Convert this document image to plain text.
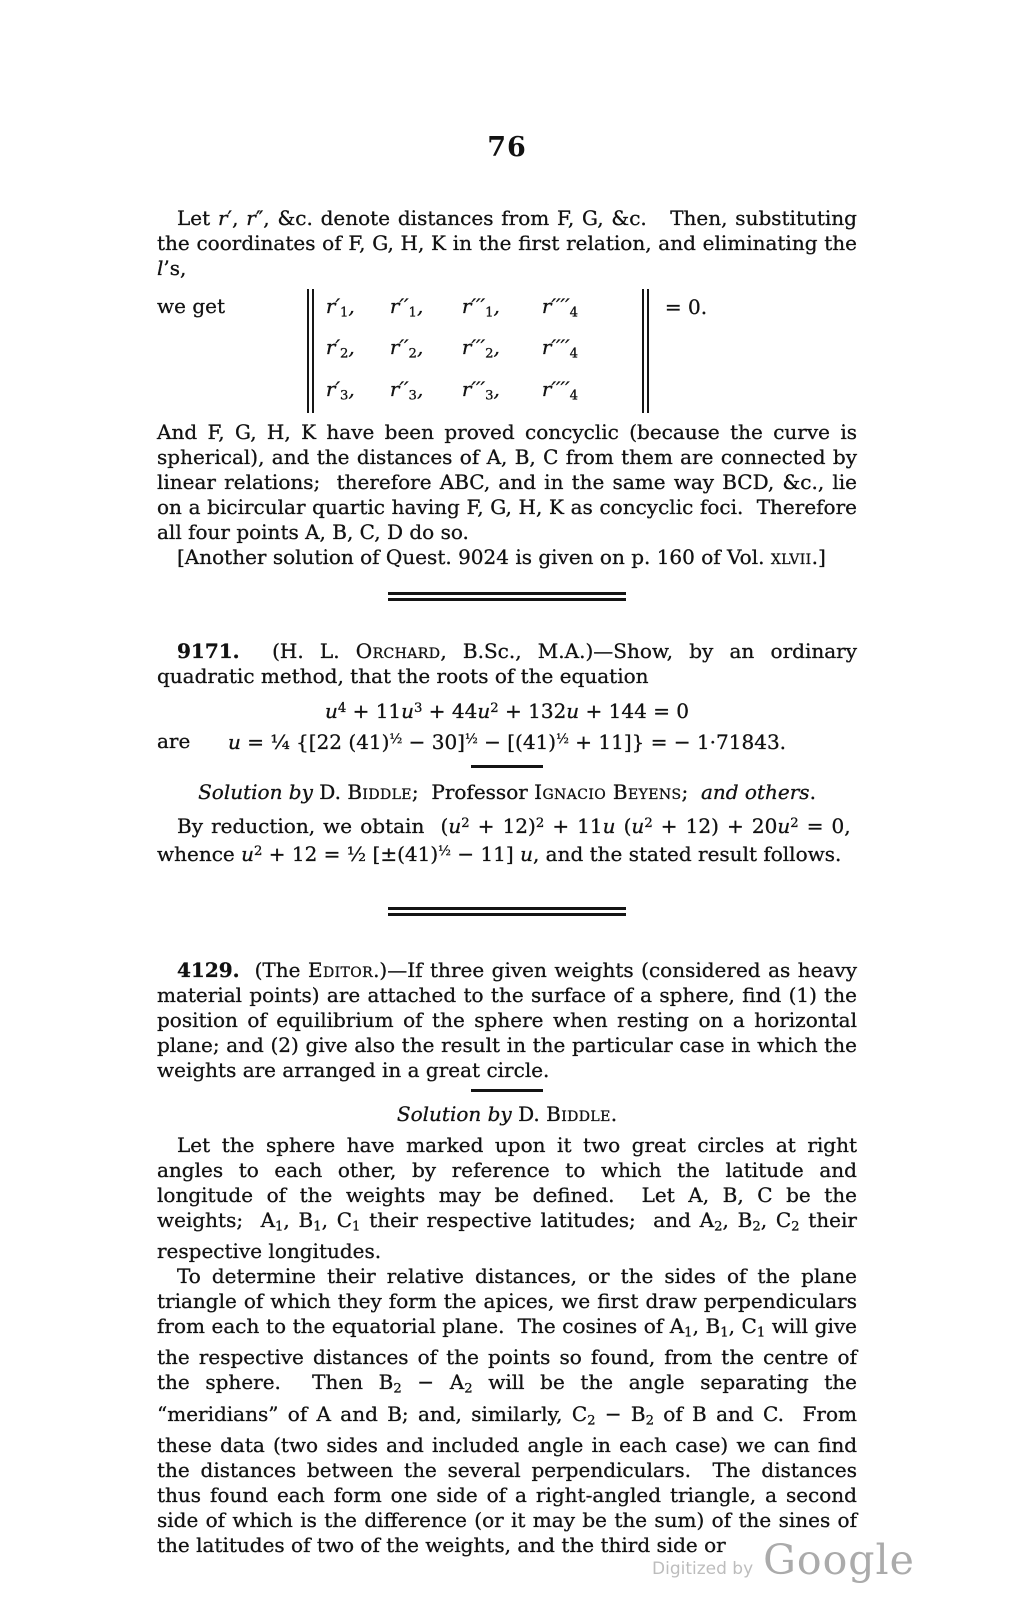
76

Let r′, r″, &c. denote distances from F, G, &c.   Then, substituting the coordinates of F, G, H, K in the first relation, and eliminating the l’s,

we get	$r'_1$,	$r''_1$,	$r'''_1$,	$r''''_4$
$r'_2$,	$r''_2$,	$r'''_2$,	$r''''_4$
$r'_3$,	$r''_3$,	$r'''_3$,	$r''''_4$
= 0.

And F, G, H, K have been proved concyclic (because the curve is spherical), and the distances of A, B, C from them are connected by linear relations;  therefore ABC, and in the same way BCD, &c., lie on a bicircular quartic having F, G, H, K as concyclic foci.  Therefore all four points A, B, C, D do so.

[Another solution of Quest. 9024 is given on p. 160 of Vol. xlvii.]

9171.  (H. L. Orchard, B.Sc., M.A.)—Show, by an ordinary quadratic method, that the roots of the equation

$u^4 + 11u^3 + 44u^2 + 132u + 144 = 0$

are	u = ¼ {[22 $(41)^{\frac{1}{2}} - 30]^{\frac{1}{2}} - [(41)^{\frac{1}{2}} + 11]$} = − 1·71843.

Solution by D. Biddle;  Professor Ignacio Beyens;  and others.

By reduction, we obtain  $(u^2 + 12)^2 + 11u$ $(u^2 + 12) + 20u^2 = 0$,  whence $u^2 + 12$ = ½ $[\pm(41)^{\frac{1}{2}} - 11]$ u, and the stated result follows.

4129.  (The Editor.)—If three given weights (considered as heavy material points) are attached to the surface of a sphere, find (1) the position of equilibrium of the sphere when resting on a horizontal plane; and (2) give also the result in the particular case in which the weights are arranged in a great circle.

Solution by D. Biddle.

Let the sphere have marked upon it two great circles at right angles to each other, by reference to which the latitude and longitude of the weights may be defined.  Let A, B, C be the weights;  $A_1$, $B_1$, $C_1$ their respective latitudes;  and $A_2$, $B_2$, $C_2$ their respective longitudes.

To determine their relative distances, or the sides of the plane triangle of which they form the apices, we first draw perpendiculars from each to the equatorial plane.  The cosines of $A_1$, $B_1$, $C_1$ will give the respective distances of the points so found, from the centre of the sphere.  Then $B_2 - A_2$ will be the angle separating the “meridians” of A and B; and, similarly, $C_2 - B_2$ of B and C.  From these data (two sides and included angle in each case) we can find the distances between the several perpendiculars.  The distances thus found each form one side of a right-angled triangle, a second side of which is the difference (or it may be the sum) of the sines of the latitudes of two of the weights, and the third side or

Digitized by Google
